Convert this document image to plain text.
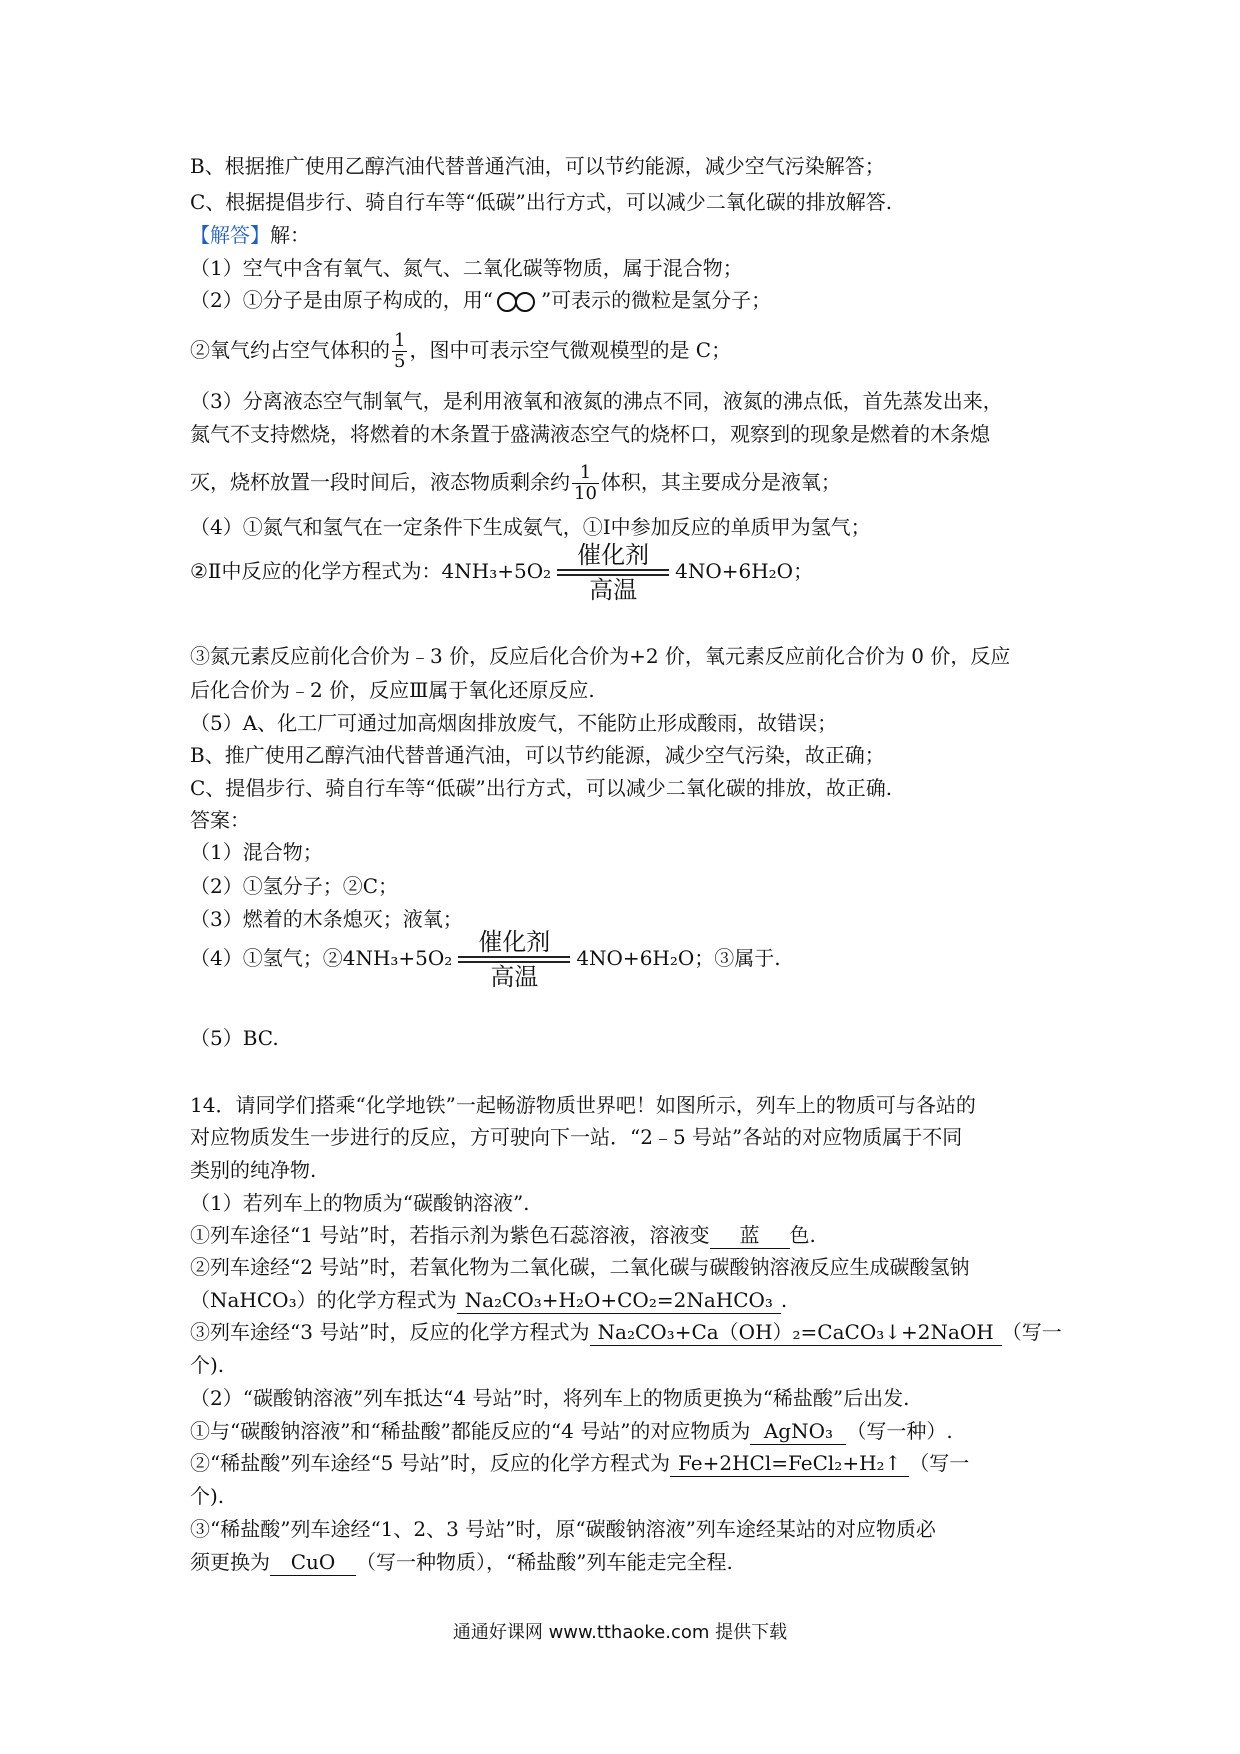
B、根据推广使用乙醇汽油代替普通汽油，可以节约能源，减少空气污染解答；
C、根据提倡步行、骑自行车等“低碳”出行方式，可以减少二氧化碳的排放解答.
【解答】解：
（1）空气中含有氧气、氮气、二氧化碳等物质，属于混合物；
（2）①分子是由原子构成的，用“ ”可表示的微粒是氢分子；
②氧气约占空气体积的 $\frac{1}{5}$ ，图中可表示空气微观模型的是 C；
（3）分离液态空气制氧气，是利用液氧和液氮的沸点不同，液氮的沸点低，首先蒸发出来，
氮气不支持燃烧，将燃着的木条置于盛满液态空气的烧杯口，观察到的现象是燃着的木条熄
灭，烧杯放置一段时间后，液态物质剩余约 $\frac{1}{10}$ 体积，其主要成分是液氧；
（4）①氮气和氢气在一定条件下生成氨气，①Ⅰ中参加反应的单质甲为氢气；
②Ⅱ中反应的化学方程式为：4NH₃+5O₂
催化剂
高温
4NO+6H₂O；
③氮元素反应前化合价为﹣3 价，反应后化合价为+2 价，氧元素反应前化合价为 0 价，反应
后化合价为﹣2 价，反应Ⅲ属于氧化还原反应.
（5）A、化工厂可通过加高烟囱排放废气，不能防止形成酸雨，故错误；
B、推广使用乙醇汽油代替普通汽油，可以节约能源，减少空气污染，故正确；
C、提倡步行、骑自行车等“低碳”出行方式，可以减少二氧化碳的排放，故正确.
答案：
（1）混合物；
（2）①氢分子；②C；
（3）燃着的木条熄灭；液氧；
（4）①氢气；②4NH₃+5O₂
催化剂
高温
4NO+6H₂O；③属于.
（5）BC.
14．请同学们搭乘“化学地铁”一起畅游物质世界吧！如图所示，列车上的物质可与各站的
对应物质发生一步进行的反应，方可驶向下一站．“2﹣5 号站”各站的对应物质属于不同
类别的纯净物.
（1）若列车上的物质为“碳酸钠溶液”.
①列车途径“1 号站”时，若指示剂为紫色石蕊溶液，溶液变 蓝 色.
②列车途经“2 号站”时，若氧化物为二氧化碳，二氧化碳与碳酸钠溶液反应生成碳酸氢钠
（NaHCO₃）的化学方程式为 Na₂CO₃+H₂O+CO₂=2NaHCO₃ .
③列车途经“3 号站”时，反应的化学方程式为 Na₂CO₃+Ca（OH）₂=CaCO₃↓+2NaOH （写一
个).
（2）“碳酸钠溶液”列车抵达“4 号站”时，将列车上的物质更换为“稀盐酸”后出发.
①与“碳酸钠溶液”和“稀盐酸”都能反应的“4 号站”的对应物质为 AgNO₃ （写一种）.
②“稀盐酸”列车途经“5 号站”时，反应的化学方程式为 Fe+2HCl=FeCl₂+H₂↑ （写一
个).
③“稀盐酸”列车途经“1、2、3 号站”时，原“碳酸钠溶液”列车途经某站的对应物质必
须更换为 CuO （写一种物质），“稀盐酸”列车能走完全程.
通通好课网 www.tthaoke.com 提供下载
